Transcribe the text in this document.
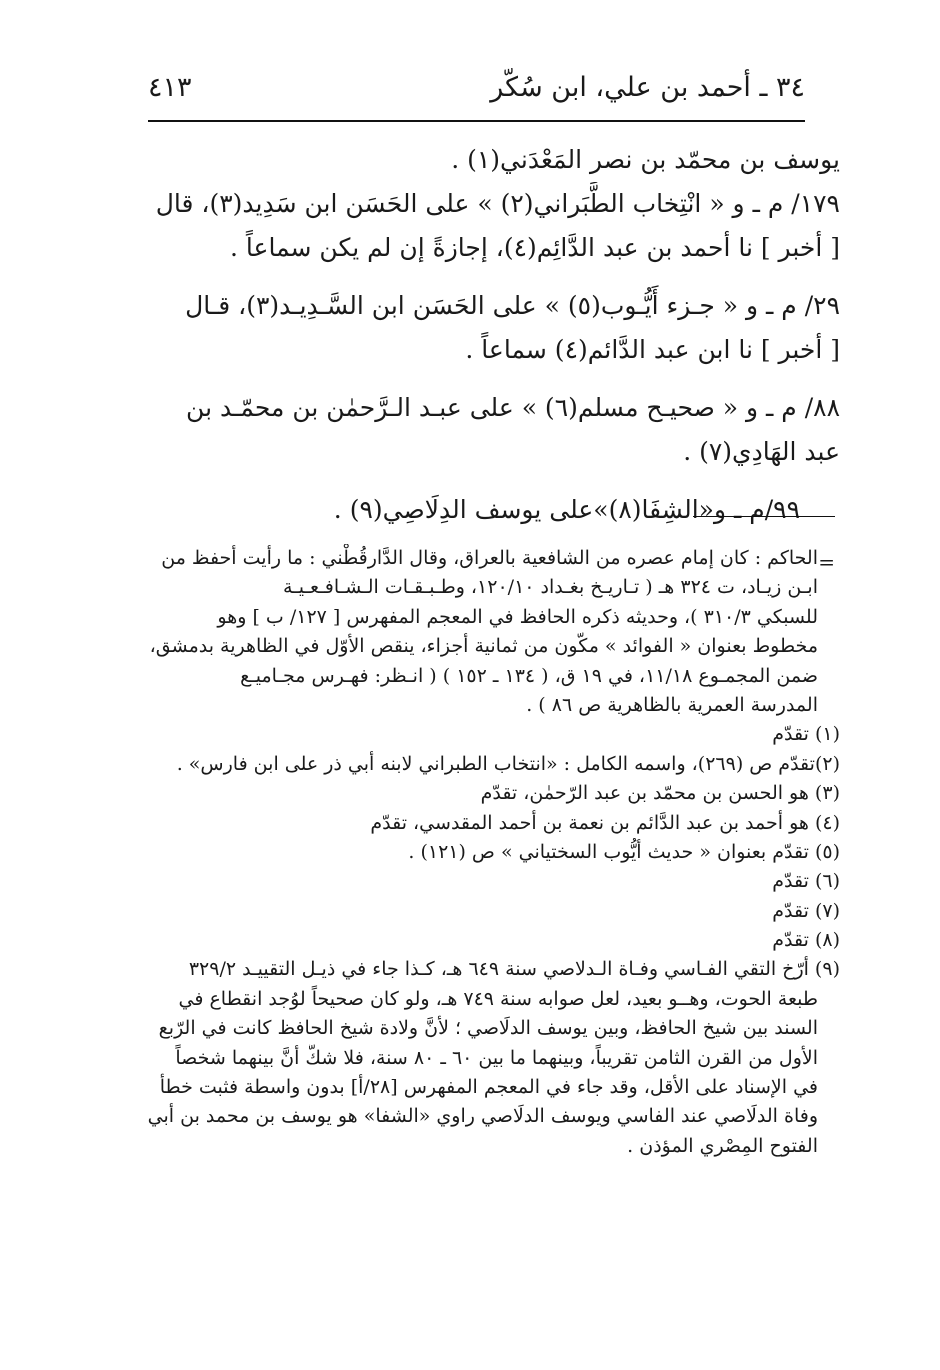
٣٤ ـ أحمد بن علي، ابن سُكّر
٤١٣
يوسف بن محمّد بن نصر المَعْدَني(١) .
١٧٩/ م ـ و « انْتِخاب الطَّبَراني(٢) » على الحَسَن ابن سَدِيد(٣)، قال
[ أخبر ] نا أحمد بن عبد الدَّائِم(٤)، إجازةً إن لم يكن سماعاً .
٢٩/ م ـ و « جـزء أَيُّـوب(٥) » على الحَسَن ابن السَّـدِيـد(٣)، قـال
[ أخبر ] نا ابن عبد الدَّائم(٤) سماعاً .
٨٨/ م ـ و « صحيـح مسلم(٦) » على عبـد الـرَّحمٰن بن محمّـد بن
عبد الهَادِي(٧) .
٩٩/م ـ و«الشِفَا(٨)»على يوسف الدِلَاصِي(٩) .
=
الحاكم : كان إمام عصره من الشافعية بالعراق، وقال الدَّارقُطْني : ما رأيت أحفظ من
ابـن زيـاد، ت ٣٢٤ هـ ( تـاريـخ بغـداد ١٢٠/١٠، وطـبـقـات الـشـافـعـيـة
للسبكي ٣١٠/٣ )، وحديثه ذكره الحافظ في المعجم المفهرس [ ١٢٧/ ب ] وهو
مخطوط بعنوان « الفوائد » مكّون من ثمانية أجزاء، ينقص الأوّل في الظاهرية بدمشق،
ضمن المجمـوع ١١/١٨، في ١٩ ق، ( ١٣٤ ـ ١٥٢ ) ( انـظر: فهـرس مجـاميـع
المدرسة العمرية بالظاهرية ص ٨٦ ) .
(١) تقدّم
(٢)تقدّم ص (٢٦٩)، واسمه الكامل : «انتخاب الطبراني لابنه أبي ذر على ابن فارس» .
(٣) هو الحسن بن محمّد بن عبد الرّحمٰن، تقدّم
(٤) هو أحمد بن عبد الدَّائم بن نعمة بن أحمد المقدسي، تقدّم
(٥) تقدّم بعنوان « حديث أيُّوب السختياني » ص (١٢١) .
(٦) تقدّم
(٧) تقدّم
(٨) تقدّم
(٩) أرّخ التقي الفـاسي وفـاة الـدلاصي سنة ٦٤٩ هـ، كـذا جاء في ذيـل التقييـد ٣٢٩/٢
طبعة الحوت، وهــو بعيد، لعل صوابه سنة ٧٤٩ هـ، ولو كان صحيحاً لوُجد انقطاع في
السند بين شيخ الحافظ، وبين يوسف الدلَاصي ؛ لأنَّ ولادة شيخ الحافظ كانت في الرّبع
الأول من القرن الثامن تقريباً، وبينهما ما بين ٦٠ ـ ٨٠ سنة، فلا شكَّ أنَّ بينهما شخصاً
في الإسناد على الأقل، وقد جاء في المعجم المفهرس [٢٨/أ] بدون واسطة فثبت خطأ
وفاة الدلَاصي عند الفاسي ويوسف الدلَاصي راوي «الشفا» هو يوسف بن محمد بن أبي
الفتوح المِصْري المؤذن .
